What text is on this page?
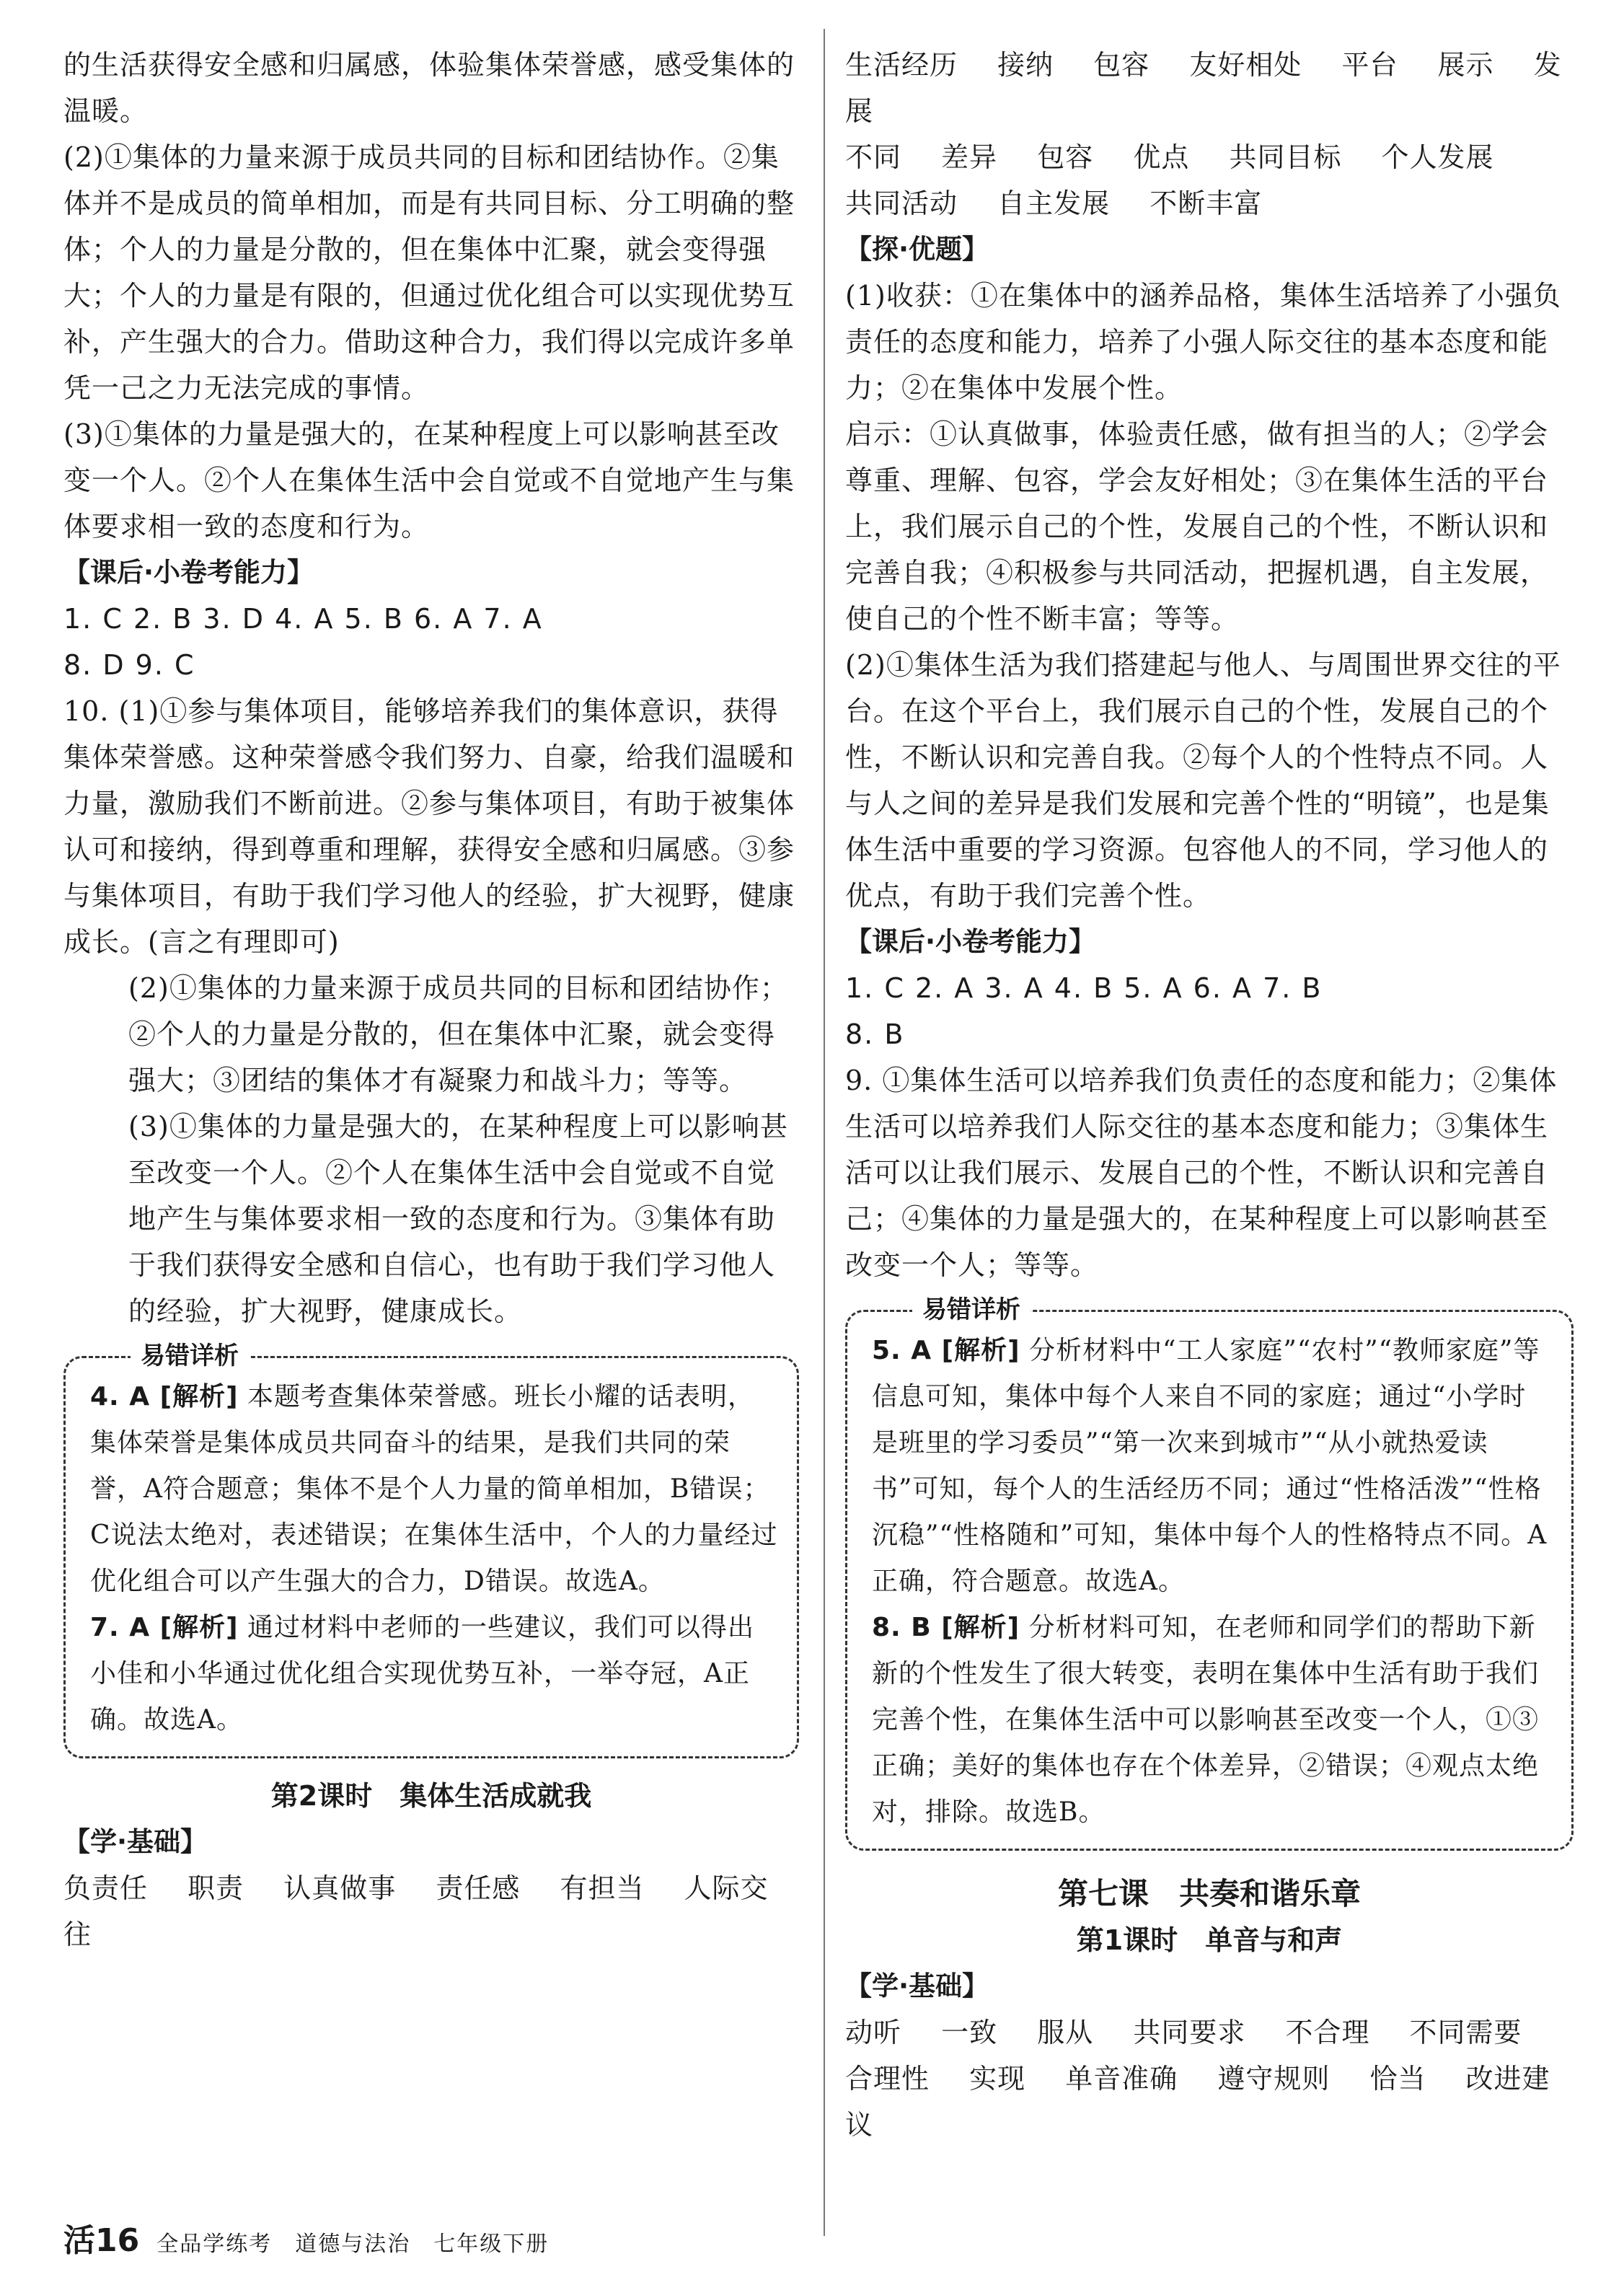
的生活获得安全感和归属感，体验集体荣誉感，感受集体的温暖。

(2)①集体的力量来源于成员共同的目标和团结协作。②集体并不是成员的简单相加，而是有共同目标、分工明确的整体；个人的力量是分散的，但在集体中汇聚，就会变得强大；个人的力量是有限的，但通过优化组合可以实现优势互补，产生强大的合力。借助这种合力，我们得以完成许多单凭一己之力无法完成的事情。

(3)①集体的力量是强大的，在某种程度上可以影响甚至改变一个人。②个人在集体生活中会自觉或不自觉地产生与集体要求相一致的态度和行为。

【课后·小卷考能力】

1. C 2. B 3. D 4. A 5. B 6. A 7. A

8. D 9. C

10. (1)①参与集体项目，能够培养我们的集体意识，获得集体荣誉感。这种荣誉感令我们努力、自豪，给我们温暖和力量，激励我们不断前进。②参与集体项目，有助于被集体认可和接纳，得到尊重和理解，获得安全感和归属感。③参与集体项目，有助于我们学习他人的经验，扩大视野，健康成长。(言之有理即可)

(2)①集体的力量来源于成员共同的目标和团结协作；②个人的力量是分散的，但在集体中汇聚，就会变得强大；③团结的集体才有凝聚力和战斗力；等等。

(3)①集体的力量是强大的，在某种程度上可以影响甚至改变一个人。②个人在集体生活中会自觉或不自觉地产生与集体要求相一致的态度和行为。③集体有助于我们获得安全感和自信心，也有助于我们学习他人的经验，扩大视野，健康成长。

易错详析

4. A [解析] 本题考查集体荣誉感。班长小耀的话表明，集体荣誉是集体成员共同奋斗的结果，是我们共同的荣誉，A符合题意；集体不是个人力量的简单相加，B错误；C说法太绝对，表述错误；在集体生活中，个人的力量经过优化组合可以产生强大的合力，D错误。故选A。

7. A [解析] 通过材料中老师的一些建议，我们可以得出小佳和小华通过优化组合实现优势互补，一举夺冠，A正确。故选A。

第2课时　集体生活成就我

【学·基础】

负责任 职责 认真做事 责任感 有担当 人际交往

生活经历 接纳 包容 友好相处 平台 展示 发展

不同 差异 包容 优点 共同目标 个人发展

共同活动 自主发展 不断丰富

【探·优题】

(1)收获：①在集体中的涵养品格，集体生活培养了小强负责任的态度和能力，培养了小强人际交往的基本态度和能力；②在集体中发展个性。

启示：①认真做事，体验责任感，做有担当的人；②学会尊重、理解、包容，学会友好相处；③在集体生活的平台上，我们展示自己的个性，发展自己的个性，不断认识和完善自我；④积极参与共同活动，把握机遇，自主发展，使自己的个性不断丰富；等等。

(2)①集体生活为我们搭建起与他人、与周围世界交往的平台。在这个平台上，我们展示自己的个性，发展自己的个性，不断认识和完善自我。②每个人的个性特点不同。人与人之间的差异是我们发展和完善个性的“明镜”，也是集体生活中重要的学习资源。包容他人的不同，学习他人的优点，有助于我们完善个性。

【课后·小卷考能力】

1. C 2. A 3. A 4. B 5. A 6. A 7. B

8. B

9. ①集体生活可以培养我们负责任的态度和能力；②集体生活可以培养我们人际交往的基本态度和能力；③集体生活可以让我们展示、发展自己的个性，不断认识和完善自己；④集体的力量是强大的，在某种程度上可以影响甚至改变一个人；等等。

易错详析

5. A [解析] 分析材料中“工人家庭”“农村”“教师家庭”等信息可知，集体中每个人来自不同的家庭；通过“小学时是班里的学习委员”“第一次来到城市”“从小就热爱读书”可知，每个人的生活经历不同；通过“性格活泼”“性格沉稳”“性格随和”可知，集体中每个人的性格特点不同。A正确，符合题意。故选A。

8. B [解析] 分析材料可知，在老师和同学们的帮助下新新的个性发生了很大转变，表明在集体中生活有助于我们完善个性，在集体生活中可以影响甚至改变一个人，①③正确；美好的集体也存在个体差异，②错误；④观点太绝对，排除。故选B。

第七课　共奏和谐乐章

第1课时　单音与和声

【学·基础】

动听 一致 服从 共同要求 不合理 不同需要

合理性 实现 单音准确 遵守规则 恰当 改进建议

活16 全品学练考　道德与法治　七年级下册
